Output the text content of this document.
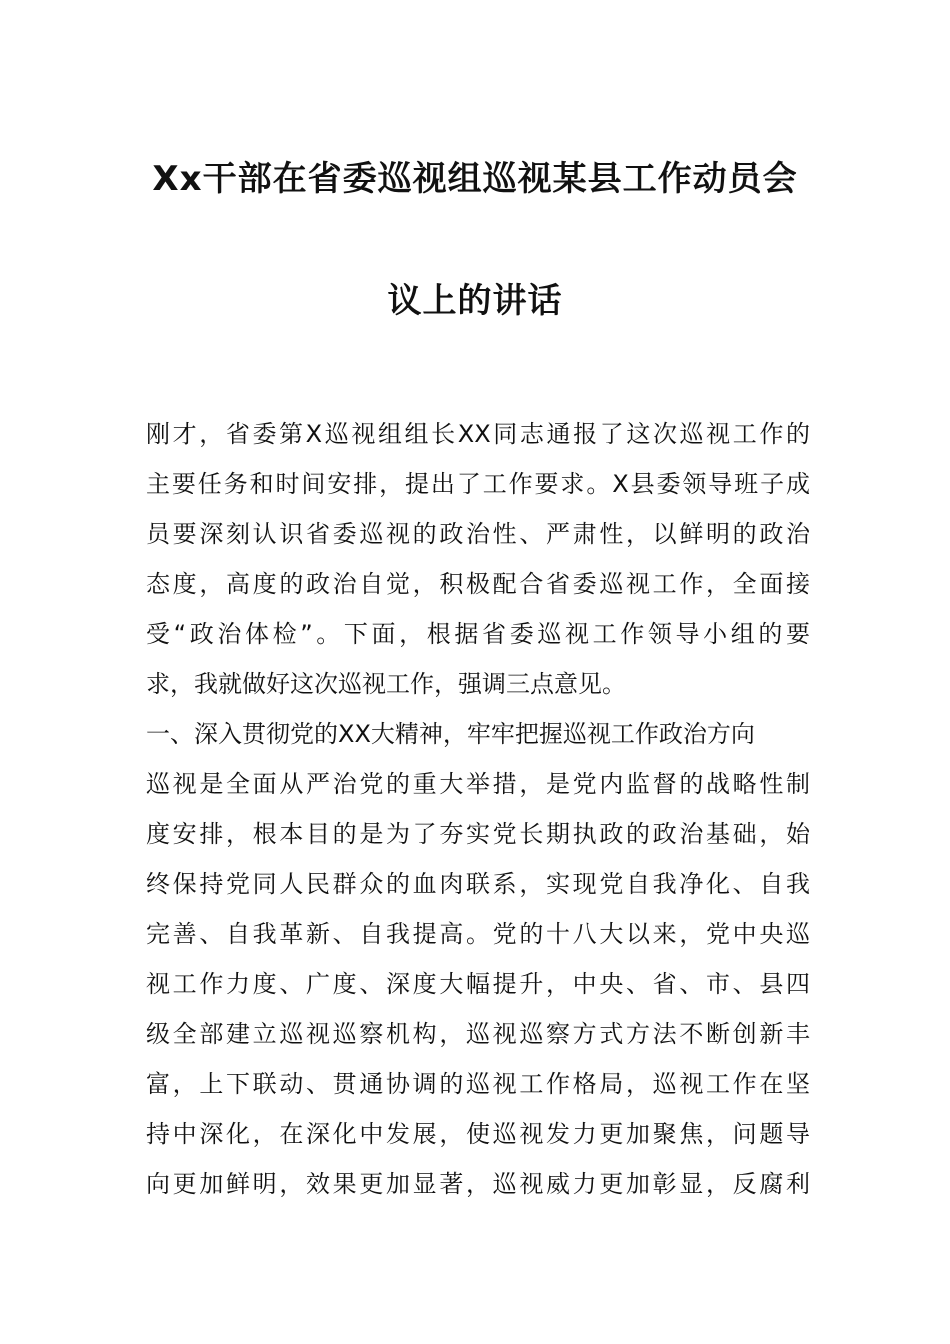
Xx干部在省委巡视组巡视某县工作动员会
议上的讲话
刚才，省委第X巡视组组长XX同志通报了这次巡视工作的
主要任务和时间安排，提出了工作要求。X县委领导班子成
员要深刻认识省委巡视的政治性、严肃性，以鲜明的政治
态度，高度的政治自觉，积极配合省委巡视工作，全面接
受“政治体检”。下面，根据省委巡视工作领导小组的要
求，我就做好这次巡视工作，强调三点意见。
一、深入贯彻党的XX大精神，牢牢把握巡视工作政治方向
巡视是全面从严治党的重大举措，是党内监督的战略性制
度安排，根本目的是为了夯实党长期执政的政治基础，始
终保持党同人民群众的血肉联系，实现党自我净化、自我
完善、自我革新、自我提高。党的十八大以来，党中央巡
视工作力度、广度、深度大幅提升，中央、省、市、县四
级全部建立巡视巡察机构，巡视巡察方式方法不断创新丰
富，上下联动、贯通协调的巡视工作格局，巡视工作在坚
持中深化，在深化中发展，使巡视发力更加聚焦，问题导
向更加鲜明，效果更加显著，巡视威力更加彰显，反腐利
